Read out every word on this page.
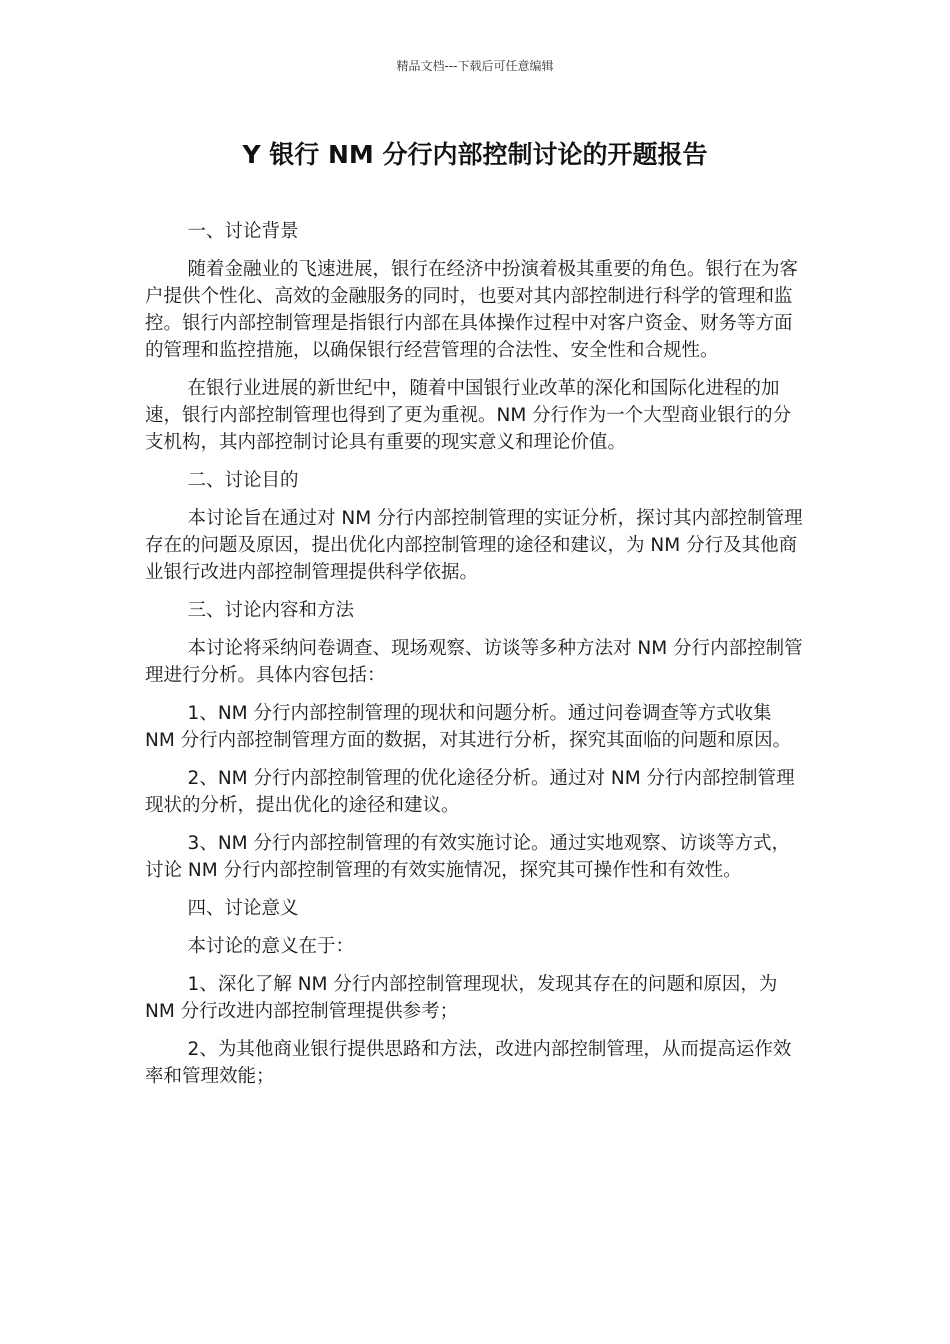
精品文档---下载后可任意编辑
Y 银行 NM 分行内部控制讨论的开题报告

一、讨论背景

随着金融业的飞速进展，银行在经济中扮演着极其重要的角色。银行在为客户提供个性化、高效的金融服务的同时，也要对其内部控制进行科学的管理和监控。银行内部控制管理是指银行内部在具体操作过程中对客户资金、财务等方面的管理和监控措施，以确保银行经营管理的合法性、安全性和合规性。

在银行业进展的新世纪中，随着中国银行业改革的深化和国际化进程的加速，银行内部控制管理也得到了更为重视。NM 分行作为一个大型商业银行的分支机构，其内部控制讨论具有重要的现实意义和理论价值。

二、讨论目的

本讨论旨在通过对 NM 分行内部控制管理的实证分析，探讨其内部控制管理存在的问题及原因，提出优化内部控制管理的途径和建议，为 NM 分行及其他商业银行改进内部控制管理提供科学依据。

三、讨论内容和方法

本讨论将采纳问卷调查、现场观察、访谈等多种方法对 NM 分行内部控制管理进行分析。具体内容包括：

1、NM 分行内部控制管理的现状和问题分析。通过问卷调查等方式收集 NM 分行内部控制管理方面的数据，对其进行分析，探究其面临的问题和原因。

2、NM 分行内部控制管理的优化途径分析。通过对 NM 分行内部控制管理现状的分析，提出优化的途径和建议。

3、NM 分行内部控制管理的有效实施讨论。通过实地观察、访谈等方式，讨论 NM 分行内部控制管理的有效实施情况，探究其可操作性和有效性。

四、讨论意义

本讨论的意义在于：

1、深化了解 NM 分行内部控制管理现状，发现其存在的问题和原因，为 NM 分行改进内部控制管理提供参考；

2、为其他商业银行提供思路和方法，改进内部控制管理，从而提高运作效率和管理效能；
